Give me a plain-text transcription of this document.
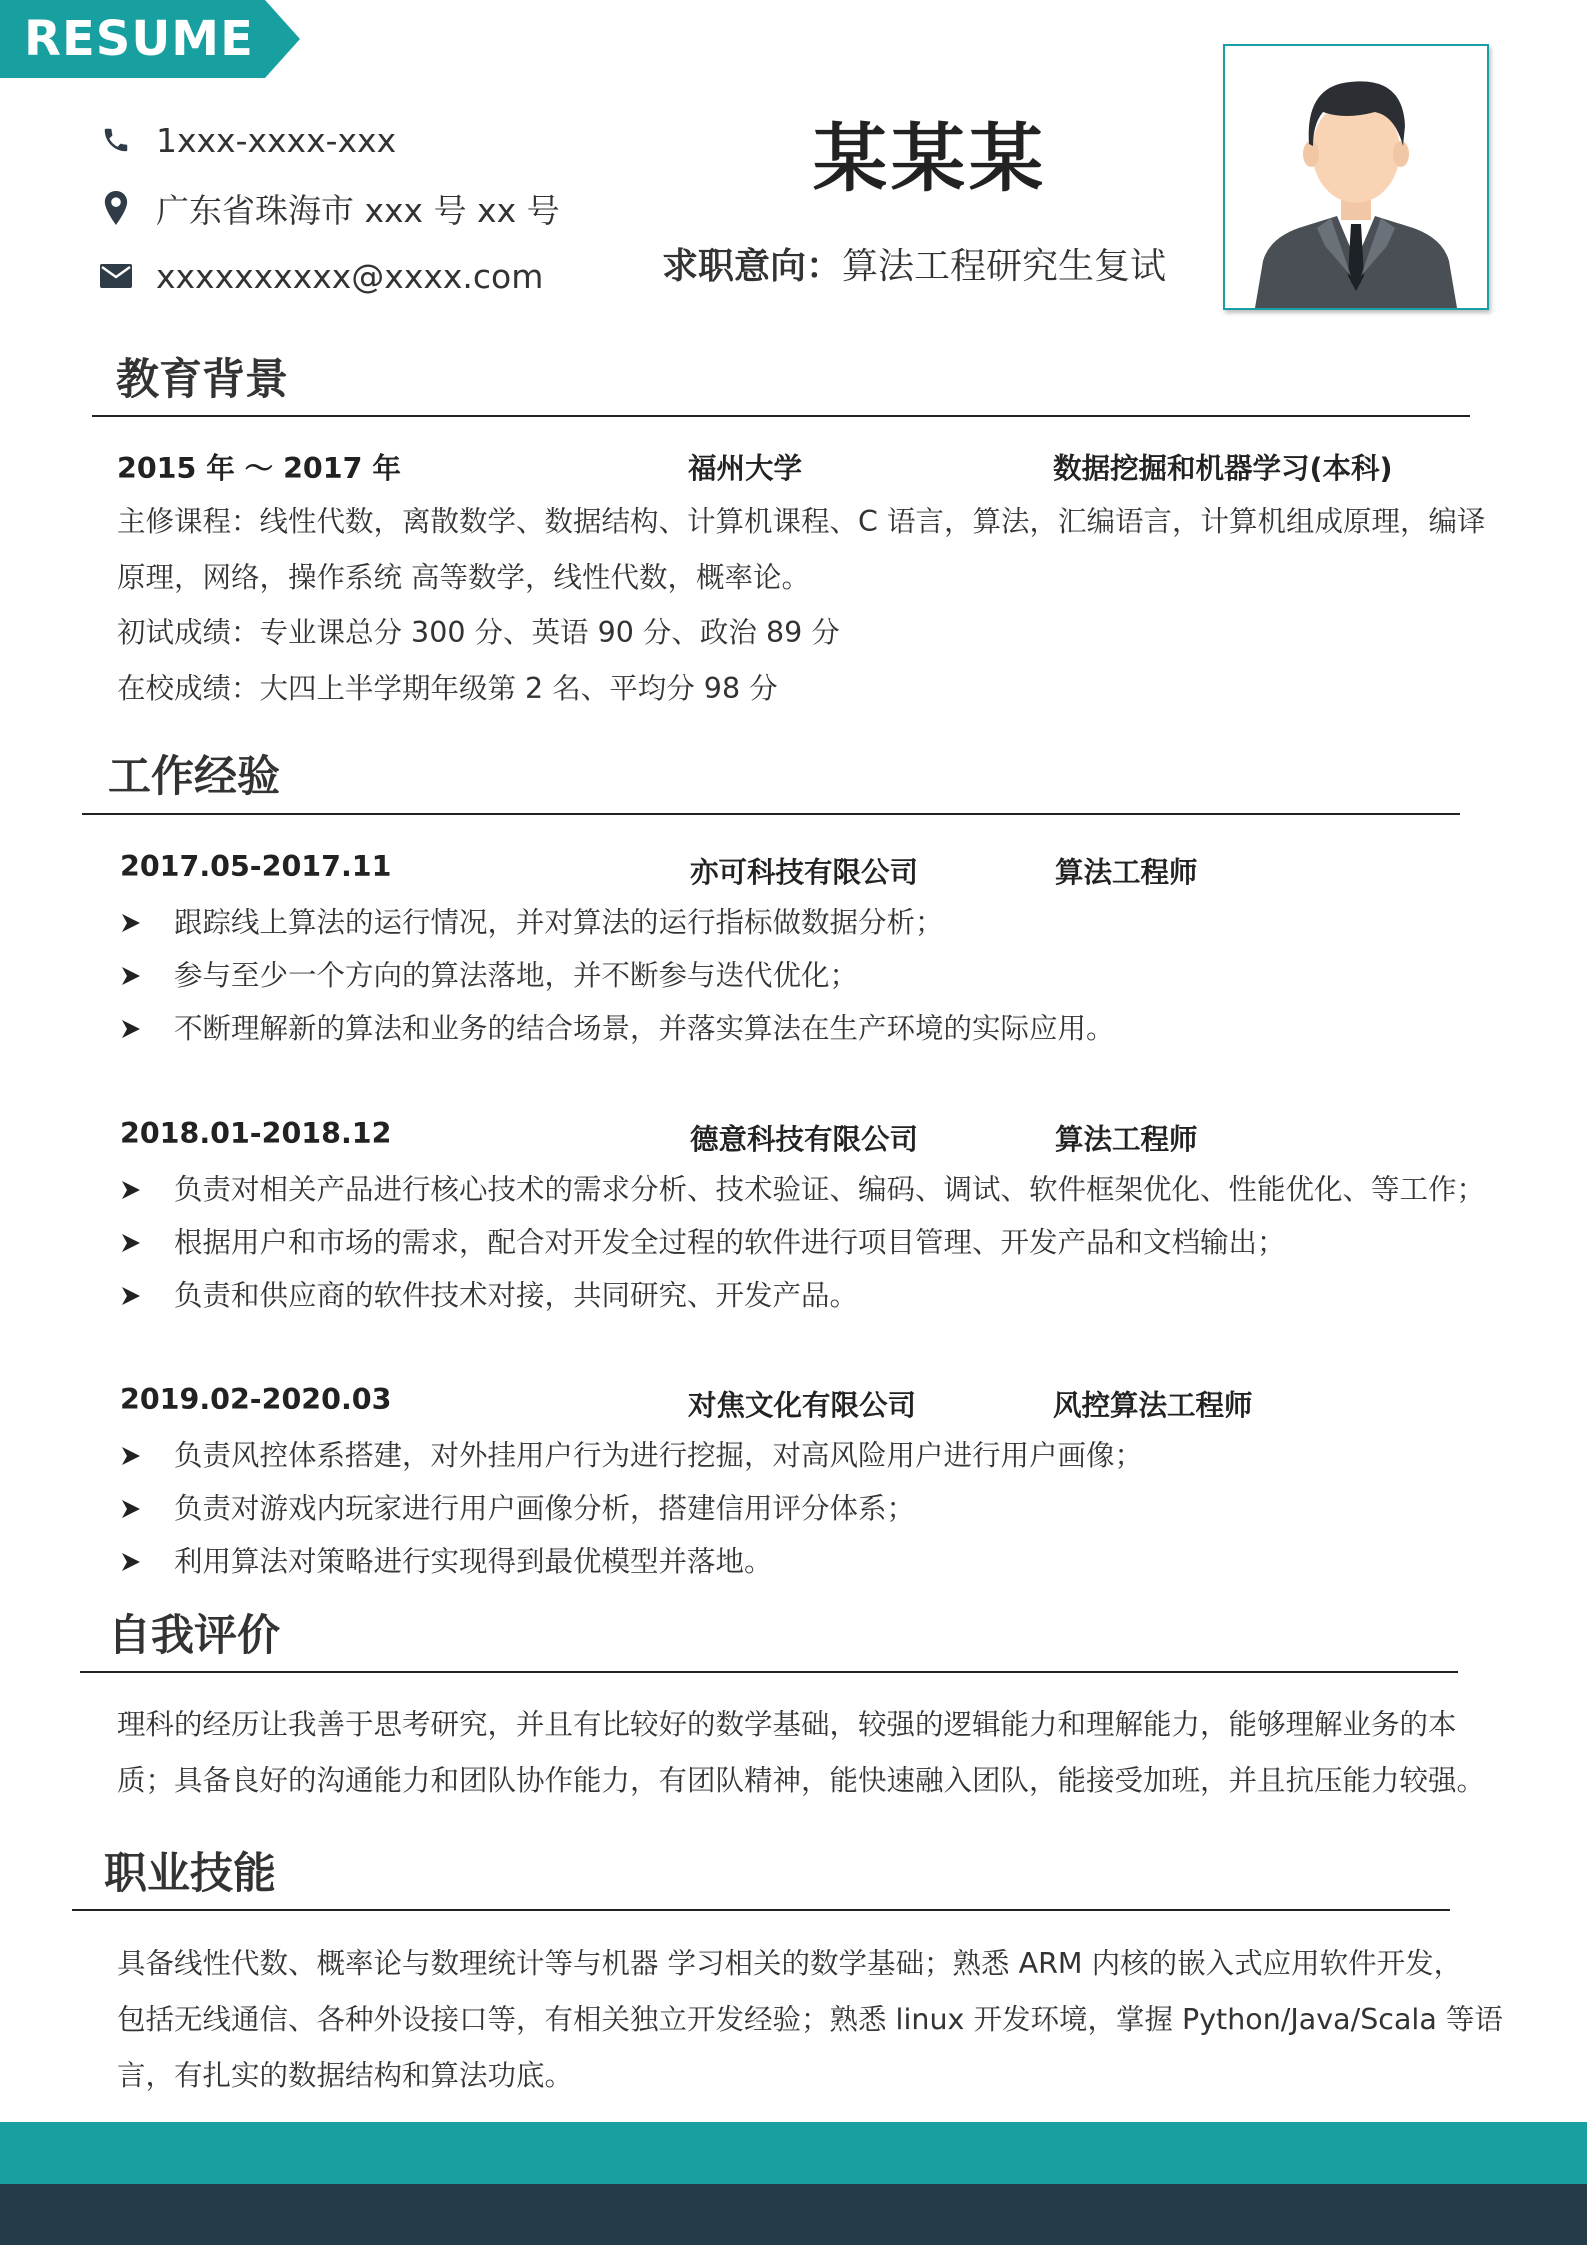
RESUME
1xxx-xxxx-xxx
广东省珠海市 xxx 号 xx 号
xxxxxxxxxx@xxxx.com
某某某
求职意向：算法工程研究生复试
教育背景
2015 年 ～ 2017 年	福州大学	数据挖掘和机器学习(本科)
主修课程：线性代数，离散数学、数据结构、计算机课程、C 语言，算法，汇编语言，计算机组成原理，编译
原理，网络，操作系统 高等数学，线性代数，概率论。
初试成绩：专业课总分 300 分、英语 90 分、政治 89 分
在校成绩：大四上半学期年级第 2 名、平均分 98 分
工作经验
2017.05-2017.11	亦可科技有限公司	算法工程师
跟踪线上算法的运行情况，并对算法的运行指标做数据分析；
参与至少一个方向的算法落地，并不断参与迭代优化；
不断理解新的算法和业务的结合场景，并落实算法在生产环境的实际应用。
2018.01-2018.12	德意科技有限公司	算法工程师
负责对相关产品进行核心技术的需求分析、技术验证、编码、调试、软件框架优化、性能优化、等工作；
根据用户和市场的需求，配合对开发全过程的软件进行项目管理、开发产品和文档输出；
负责和供应商的软件技术对接，共同研究、开发产品。
2019.02-2020.03	对焦文化有限公司	风控算法工程师
负责风控体系搭建，对外挂用户行为进行挖掘，对高风险用户进行用户画像；
负责对游戏内玩家进行用户画像分析，搭建信用评分体系；
利用算法对策略进行实现得到最优模型并落地。
自我评价
理科的经历让我善于思考研究，并且有比较好的数学基础，较强的逻辑能力和理解能力，能够理解业务的本
质；具备良好的沟通能力和团队协作能力，有团队精神，能快速融入团队，能接受加班，并且抗压能力较强。
职业技能
具备线性代数、概率论与数理统计等与机器 学习相关的数学基础；熟悉 ARM 内核的嵌入式应用软件开发，
包括无线通信、各种外设接口等，有相关独立开发经验；熟悉 linux 开发环境，掌握 Python/Java/Scala 等语
言，有扎实的数据结构和算法功底。
